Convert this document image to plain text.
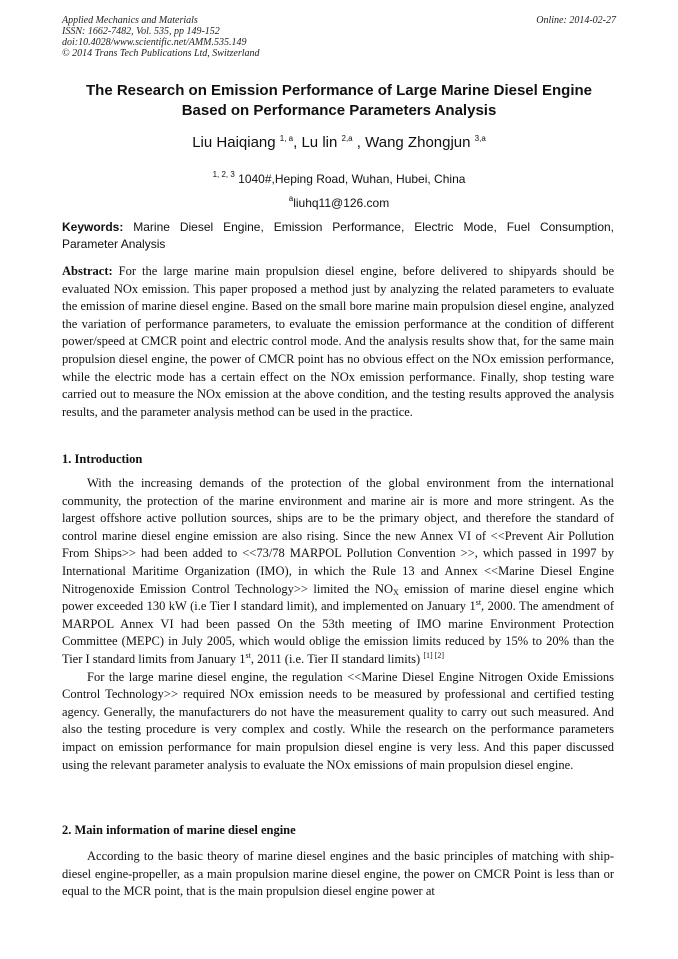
Applied Mechanics and Materials
ISSN: 1662-7482, Vol. 535, pp 149-152
doi:10.4028/www.scientific.net/AMM.535.149
© 2014 Trans Tech Publications Ltd, Switzerland
Online: 2014-02-27
The Research on Emission Performance of Large Marine Diesel Engine
Based on Performance Parameters Analysis
Liu Haiqiang $^{1, a}$, Lu lin $^{2,a}$ , Wang Zhongjun $^{3,a}$
$^{1, 2, 3}$ 1040#,Heping Road, Wuhan, Hubei, China
$^a$liuhq11@126.com
Keywords: Marine Diesel Engine, Emission Performance, Electric Mode, Fuel Consumption, Parameter Analysis

Abstract: For the large marine main propulsion diesel engine, before delivered to shipyards should be evaluated NOx emission. This paper proposed a method just by analyzing the related parameters to evaluate the emission of marine diesel engine. Based on the small bore marine main propulsion diesel engine, analyzed the variation of performance parameters, to evaluate the emission performance at the condition of different power/speed at CMCR point and electric control mode. And the analysis results show that, for the same main propulsion diesel engine, the power of CMCR point has no obvious effect on the NOx emission performance, while the electric mode has a certain effect on the NOx emission performance. Finally, shop testing ware carried out to measure the NOx emission at the above condition, and the testing results approved the analysis results, and the parameter analysis method can be used in the practice.

1. Introduction

With the increasing demands of the protection of the global environment from the international community, the protection of the marine environment and marine air is more and more stringent. As the largest offshore active pollution sources, ships are to be the primary object, and therefore the standard of control marine diesel engine emission are also rising. Since the new Annex VI of <<Prevent Air Pollution From Ships>> had been added to <<73/78 MARPOL Pollution Convention >>, which passed in 1997 by International Maritime Organization (IMO), in which the Rule 13 and Annex <<Marine Diesel Engine Nitrogenoxide Emission Control Technology>> limited the $NO_X$ emission of marine diesel engine which power exceeded 130 kW (i.e Tier Ⅰ standard limit), and implemented on January 1st, 2000. The amendment of MARPOL Annex VI had been passed On the 53th meeting of IMO marine Environment Protection Committee (MEPC) in July 2005, which would oblige the emission limits reduced by 15% to 20% than the Tier I standard limits from January 1st, 2011 (i.e. Tier II standard limits) [1] [2]

For the large marine diesel engine, the regulation <<Marine Diesel Engine Nitrogen Oxide Emissions Control Technology>> required NOx emission needs to be measured by professional and certified testing agency. Generally, the manufacturers do not have the measurement quality to carry out such measured. And also the testing procedure is very complex and costly. While the research on the performance parameters impact on emission performance for main propulsion diesel engine is very less. And this paper discussed using the relevant parameter analysis to evaluate the NOx emissions of main propulsion diesel engine.

2. Main information of marine diesel engine

According to the basic theory of marine diesel engines and the basic principles of matching with ship-diesel engine-propeller, as a main propulsion marine diesel engine, the power on CMCR Point is less than or equal to the MCR point, that is the main propulsion diesel engine power at
